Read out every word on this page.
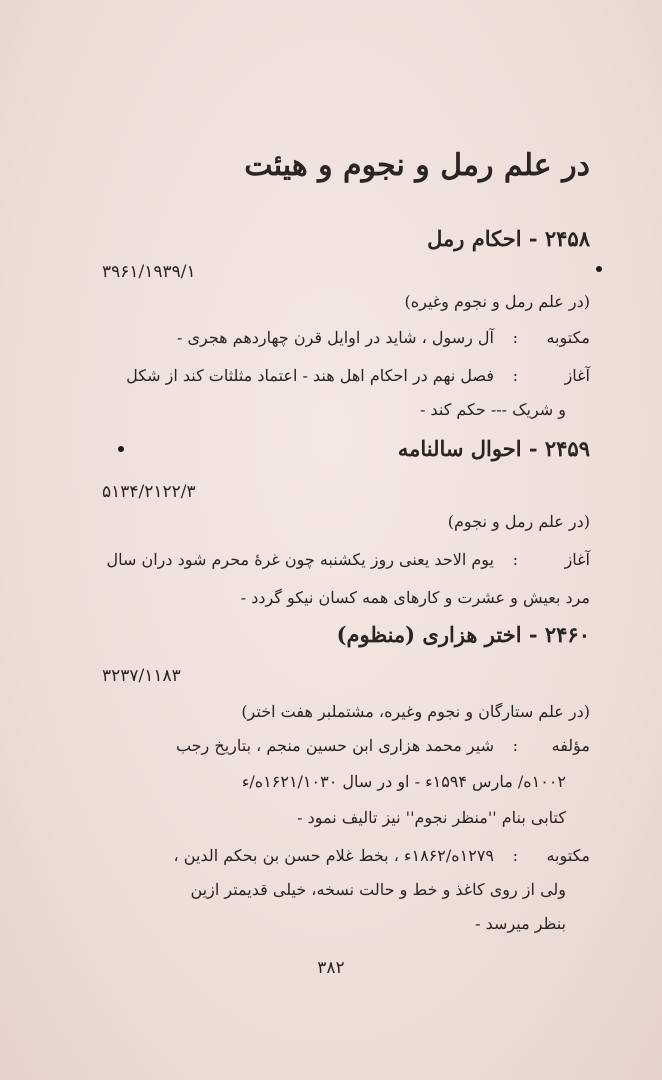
در علم رمل و نجوم و هیئت
۲۴۵۸ - احکام رمل
۳۹۶۱/۱۹۳۹/۱
(در علم رمل و نجوم وغیره)
مکتوبه
:
آل رسول ، شاید در اوایل قرن چهاردهم هجری -
آغاز
:
فصل نهم در احکام اهل هند - اعتماد مثلثات کند از شکل
و شریک --- حکم کند -
۲۴۵۹ - احوال سالنامه
۵۱۳۴/۲۱۲۲/۳
(در علم رمل و نجوم)
آغاز
:
یوم الاحد یعنی روز یکشنبه چون غرهٔ محرم شود دران سال
مرد بعیش و عشرت و کارهای همه کسان نیکو گردد -
۲۴۶۰ - اختر هزاری (منظوم)
۳۲۳۷/۱۱۸۳
(در علم ستارگان و نجوم وغیره، مشتملبر هفت اختر)
مؤلفه
:
شیر محمد هزاری ابن حسین منجم ، بتاریخ رجب
۱۰۰۲ه/ مارس ۱۵۹۴ء - او در سال ۱۶۲۱/۱۰۳۰ه/ء
کتابی بنام ''منظر نجوم'' نیز تالیف نمود -
مکتوبه
:
۱۲۷۹ه/۱۸۶۲ء ، بخط غلام حسن بن بحکم الدین ،
ولی از روی کاغذ و خط و حالت نسخه، خیلی قدیمتر ازین
بنظر میرسد -
۳۸۲
